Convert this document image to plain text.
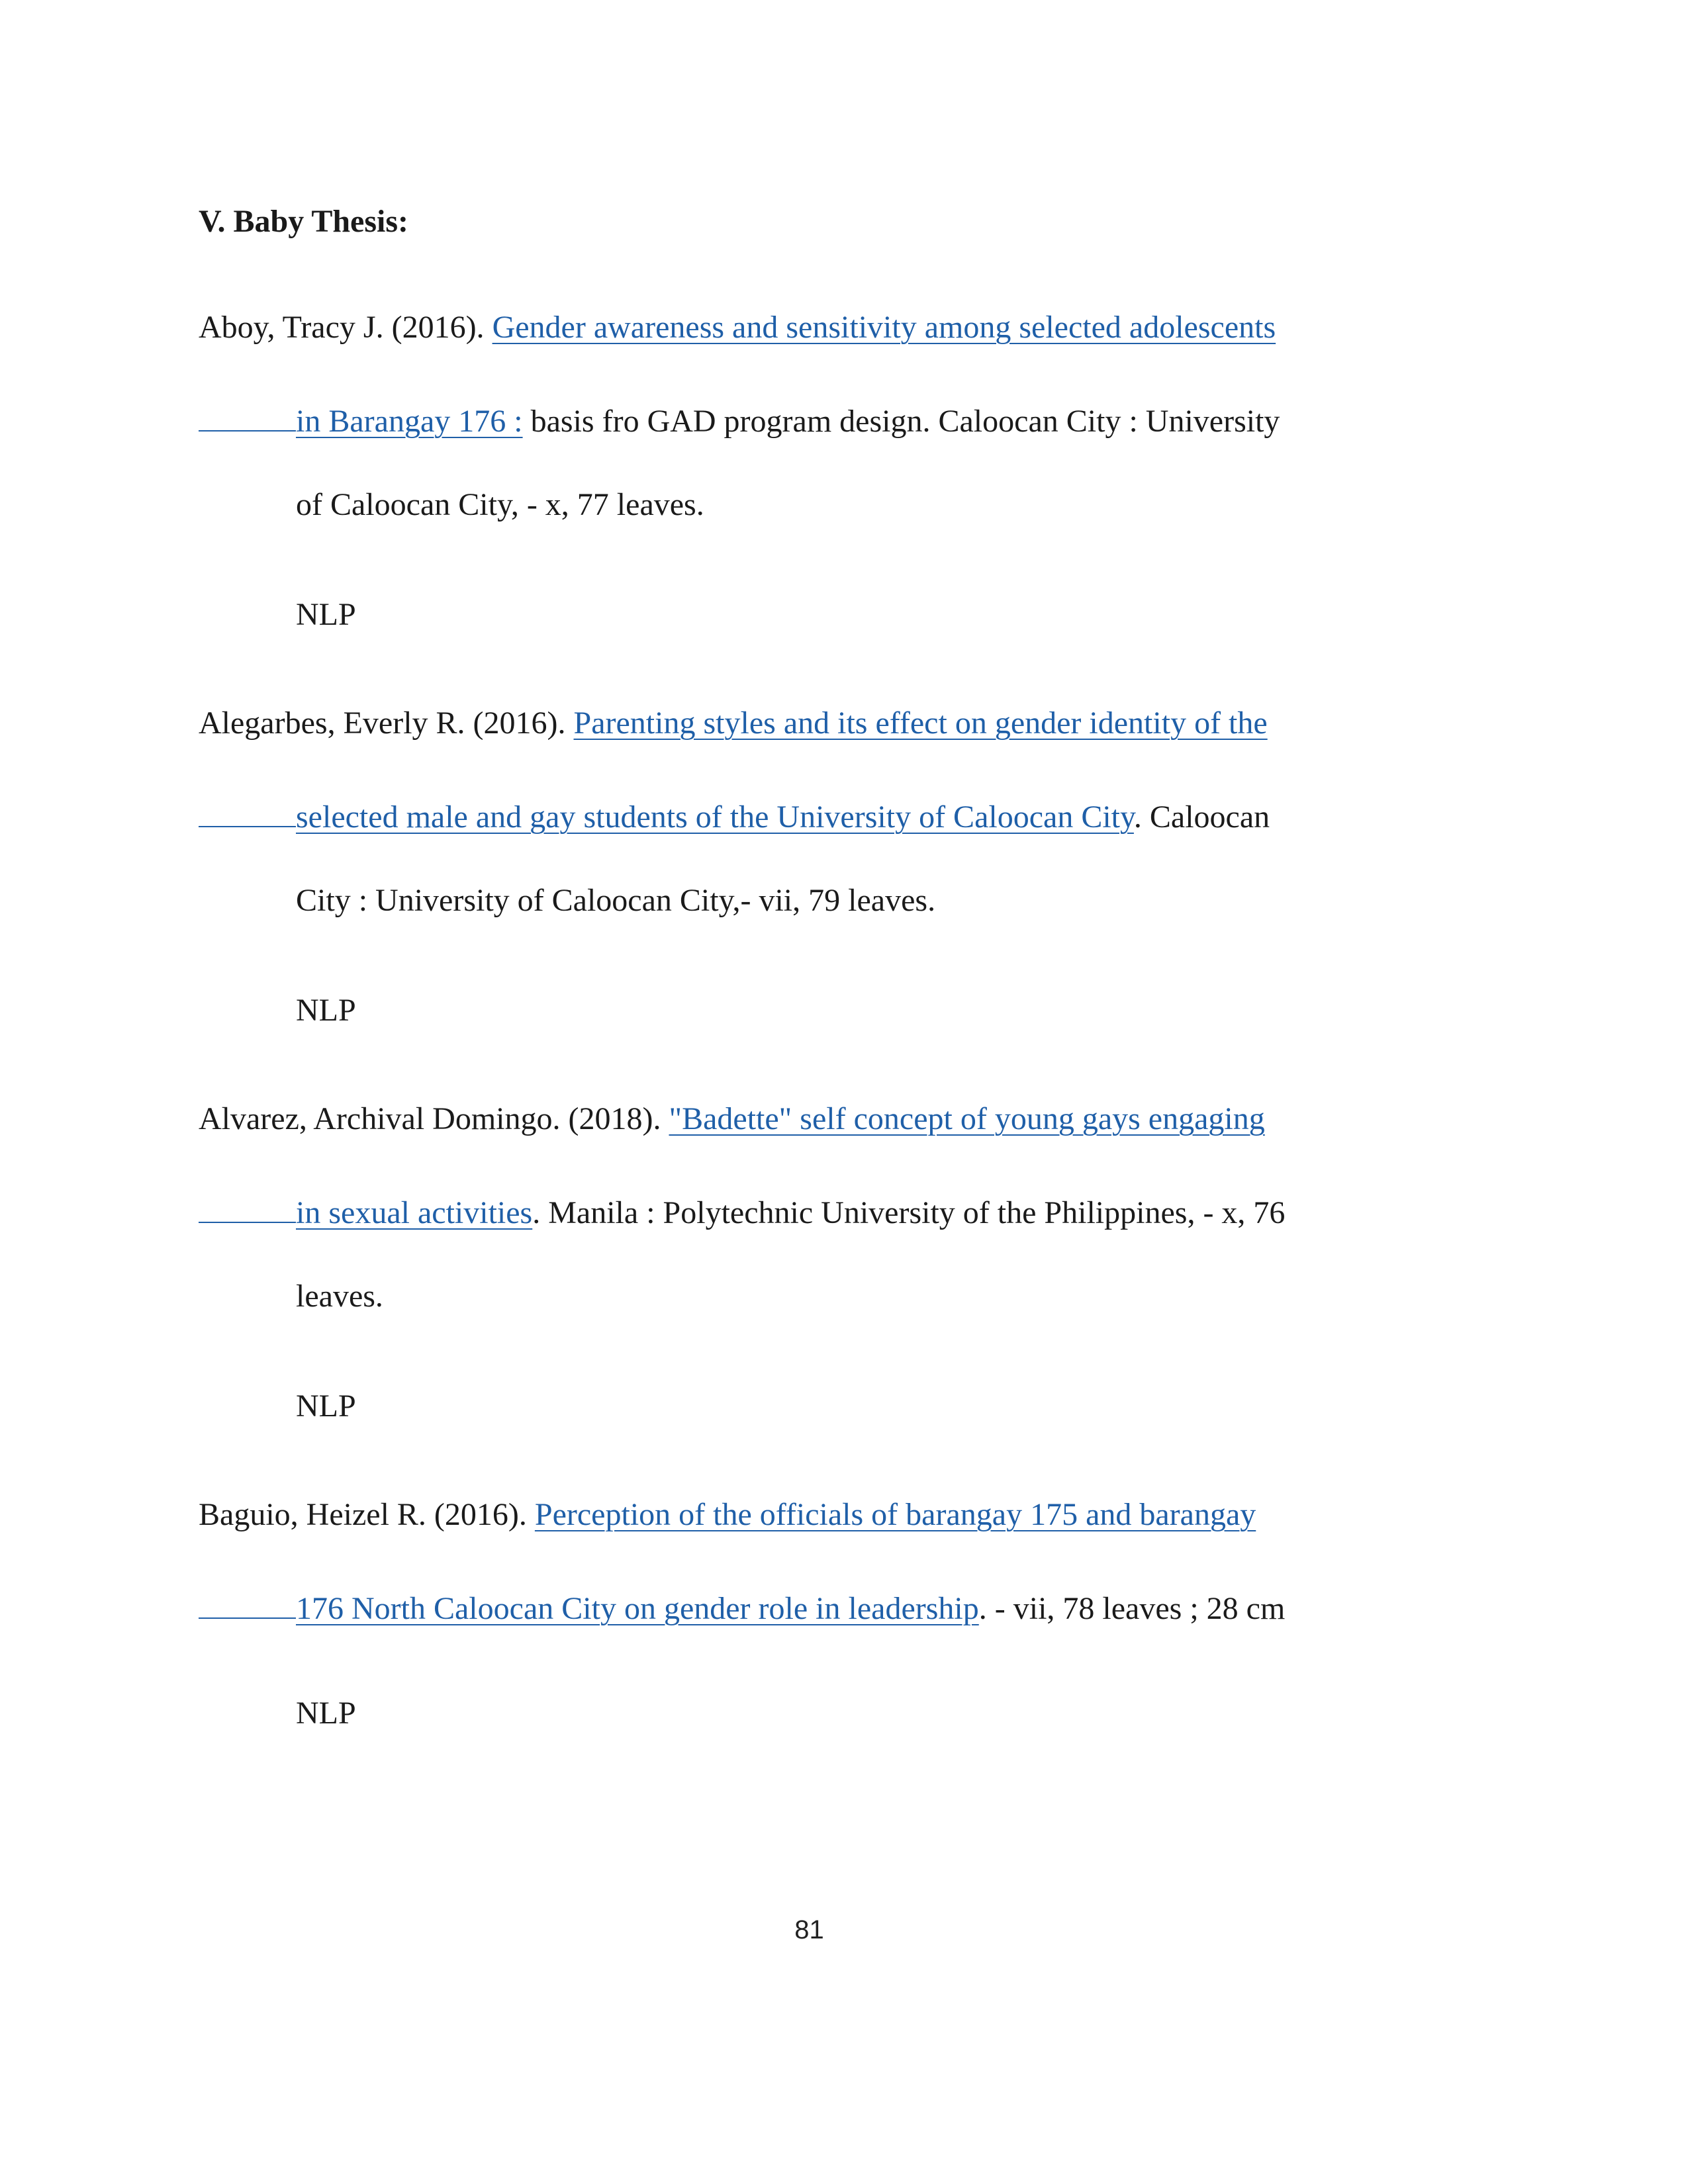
V. Baby Thesis:
Aboy, Tracy J. (2016). Gender awareness and sensitivity among selected adolescents
in Barangay 176 : basis fro GAD program design. Caloocan City : University
of Caloocan City, - x, 77 leaves.
NLP
Alegarbes, Everly R. (2016). Parenting styles and its effect on gender identity of the
selected male and gay students of the University of Caloocan City. Caloocan
City : University of Caloocan City,- vii, 79 leaves.
NLP
Alvarez, Archival Domingo. (2018). "Badette" self concept of young gays engaging
in sexual activities. Manila : Polytechnic University of the Philippines, - x, 76
leaves.
NLP
Baguio, Heizel R. (2016). Perception of the officials of barangay 175 and barangay
176 North Caloocan City on gender role in leadership. - vii, 78 leaves ; 28 cm
NLP
81
